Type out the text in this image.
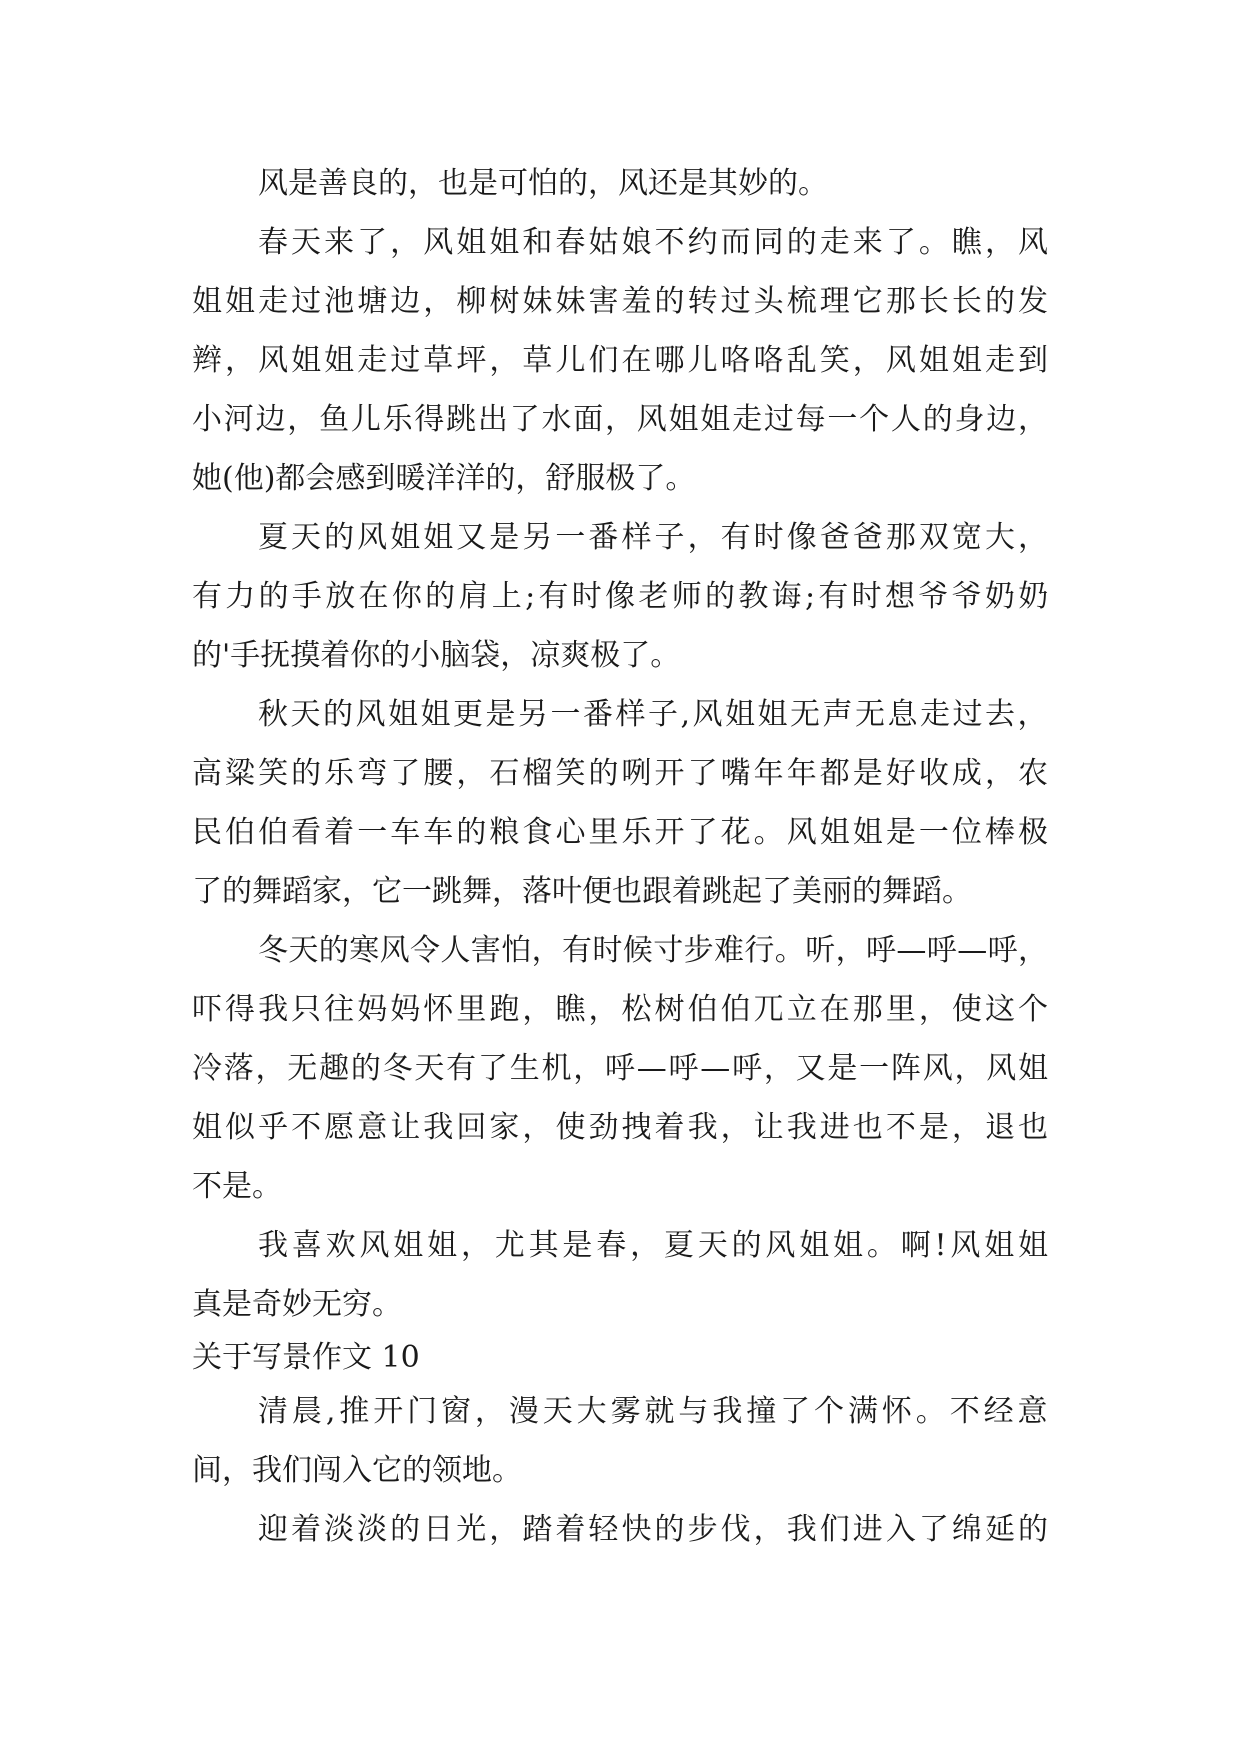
风是善良的，也是可怕的，风还是其妙的。
春天来了，风姐姐和春姑娘不约而同的走来了。瞧，风
姐姐走过池塘边，柳树妹妹害羞的转过头梳理它那长长的发
辫，风姐姐走过草坪，草儿们在哪儿咯咯乱笑，风姐姐走到
小河边，鱼儿乐得跳出了水面，风姐姐走过每一个人的身边，
她(他)都会感到暖洋洋的，舒服极了。
夏天的风姐姐又是另一番样子，有时像爸爸那双宽大，
有力的手放在你的肩上;有时像老师的教诲;有时想爷爷奶奶
的'手抚摸着你的小脑袋，凉爽极了。
秋天的风姐姐更是另一番样子,风姐姐无声无息走过去，
高粱笑的乐弯了腰，石榴笑的咧开了嘴年年都是好收成，农
民伯伯看着一车车的粮食心里乐开了花。风姐姐是一位棒极
了的舞蹈家，它一跳舞，落叶便也跟着跳起了美丽的舞蹈。
冬天的寒风令人害怕，有时候寸步难行。听，呼—呼—呼，
吓得我只往妈妈怀里跑，瞧，松树伯伯兀立在那里，使这个
冷落，无趣的冬天有了生机，呼—呼—呼，又是一阵风，风姐
姐似乎不愿意让我回家，使劲拽着我，让我进也不是，退也
不是。
我喜欢风姐姐，尤其是春，夏天的风姐姐。啊!风姐姐
真是奇妙无穷。
关于写景作文 10
清晨,推开门窗，漫天大雾就与我撞了个满怀。不经意
间，我们闯入它的领地。
迎着淡淡的日光，踏着轻快的步伐，我们进入了绵延的
